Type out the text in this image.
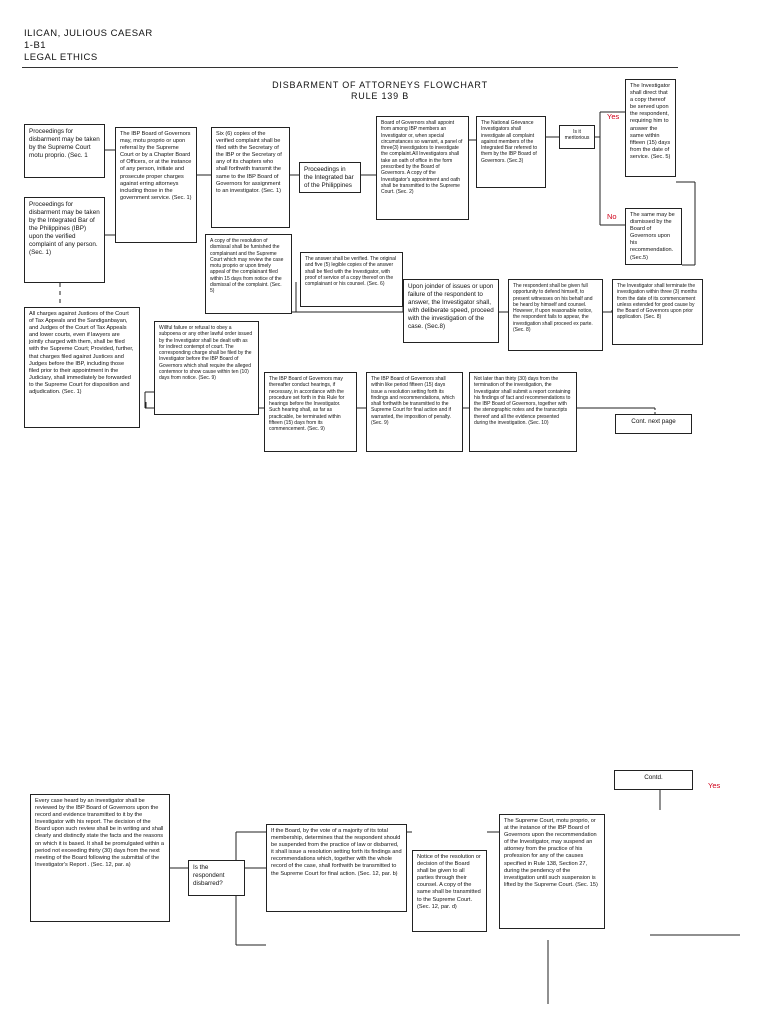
ILICAN, JULIOUS CAESAR
1-B1
LEGAL ETHICS
DISBARMENT OF ATTORNEYS FLOWCHART
RULE 139 B
Proceedings for disbarment may be taken by the Supreme Court motu proprio. (Sec. 1
Proceedings for disbarment may be taken by the Integrated Bar of the Philippines (IBP) upon the verified complaint of any person. (Sec. 1)
All charges against Justices of the Court of Tax Appeals and the Sandiganbayan, and Judges of the Court of Tax Appeals and lower courts, even if lawyers are jointly charged with them, shall be filed with the Supreme Court; Provided, further, that charges filed against Justices and Judges before the IBP, including those filed prior to their appointment in the Judiciary, shall immediately be forwarded to the Supreme Court for disposition and adjudication. (Sec. 1)
The IBP Board of Governors may, motu proprio or upon referral by the Supreme Court or by a Chapter Board of Officers, or at the instance of any person, initiate and prosecute proper charges against erring attorneys including those in the government service. (Sec. 1)
Six (6) copies of the verified complaint shall be filed with the Secretary of the IBP or the Secretary of any of its chapters who shall forthwith transmit the same to the IBP Board of Governors for assignment to an investigator. (Sec. 1)
Proceedings in the Integrated bar of the Philippines
Board of Governors shall appoint from among IBP members an Investigator or, when special circumstances so warrant, a panel of three(3) investigators to investigate the complaint.All Investigators shall take an oath of office in the form prescribed by the Board of Governors. A copy of the Investigator's appointment and oath shall be transmitted to the Supreme Court. (Sec. 2)
The National Grievance Investigators shall investigate all complaint against members of the Integrated Bar referred to them by the IBP Board of Governors. (Sec.3)
Is it meritorious
The Investigator shall direct that a copy thereof be served upon the respondent, requiring him to answer the same within fifteen (15) days from the date of service. (Sec. 5)
The same may be dismissed by the Board of Governors upon his recommendation. (Sec.5)
Yes
No
A copy of the resolution of dismissal shall be furnished the complainant and the Supreme Court which may review the case motu proprio or upon timely appeal of the complainant filed within 15 days from notice of the dismissal of the complaint. (Sec. 5)
The answer shall be verified. The original and five (5) legible copies of the answer shall be filed with the Investigator, with proof of service of a copy thereof on the complainant or his counsel. (Sec. 6)	Upon joinder of issues or upon failure of the respondent to answer, the Investigator shall, with deliberate speed, proceed with the investigation of the case. (Sec.8)
The respondent shall be given full opportunity to defend himself, to present witnesses on his behalf and be heard by himself and counsel. However, if upon reasonable notice, the respondent fails to appear, the investigation shall proceed ex parte. (Sec. 8)
The Investigator shall terminate the investigation within three (3) months from the date of its commencement unless extended for good cause by the Board of Governors upon prior application. (Sec. 8)
Willful failure or refusal to obey a subpoena or any other lawful order issued by the Investigator shall be dealt with as for indirect contempt of court. The corresponding charge shall be filed by the Investigator before the IBP Board of Governors which shall require the alleged contemnor to show cause within ten (10) days from notice. (Sec. 9)	The IBP Board of Governors may thereafter conduct hearings, if necessary, in accordance with the procedure set forth in this Rule for hearings before the Investigator. Such hearing shall, as far as practicable, be terminated within fifteen (15) days from its commencement. (Sec. 9)
The IBP Board of Governors shall within like period fifteen (15) days issue a resolution setting forth its findings and recommendations, which shall forthwith be transmitted to the Supreme Court for final action and if warranted, the imposition of penalty. (Sec. 9)
Not later than thirty (30) days from the termination of the investigation, the Investigator shall submit a report containing his findings of fact and recommendations to the IBP Board of Governors, together with the stenographic notes and the transcripts thereof and all the evidence presented during the investigation. (Sec. 10)	Cont. next page
Contd.
Yes
Every case heard by an investigator shall be reviewed by the IBP Board of Governors upon the record and evidence transmitted to it by the Investigator with his report. The decision of the Board upon such review shall be in writing and shall clearly and distinctly state the facts and the reasons on which it is based. It shall be promulgated within a period not exceeding thirty (30) days from the next meeting of the Board following the submittal of the Investigator's Report . (Sec. 12, par. a)	Is the respondent disbarred?
If the Board, by the vote of a majority of its total membership, determines that the respondent should be suspended from the practice of law or disbarred, it shall issue a resolution setting forth its findings and recommendations which, together with the whole record of the case, shall forthwith be transmitted to the Supreme Court for final action. (Sec. 12, par. b)
Notice of the resolution or decision of the Board shall be given to all parties through their counsel. A copy of the same shall be transmitted to the Supreme Court. (Sec. 12, par. d)
The Supreme Court, motu proprio, or at the instance of the IBP Board of Governors upon the recommendation of the Investigator, may suspend an attorney from the practice of his profession for any of the causes specified in Rule 138, Section 27, during the pendency of the investigation until such suspension is lifted by the Supreme Court. (Sec. 15)
